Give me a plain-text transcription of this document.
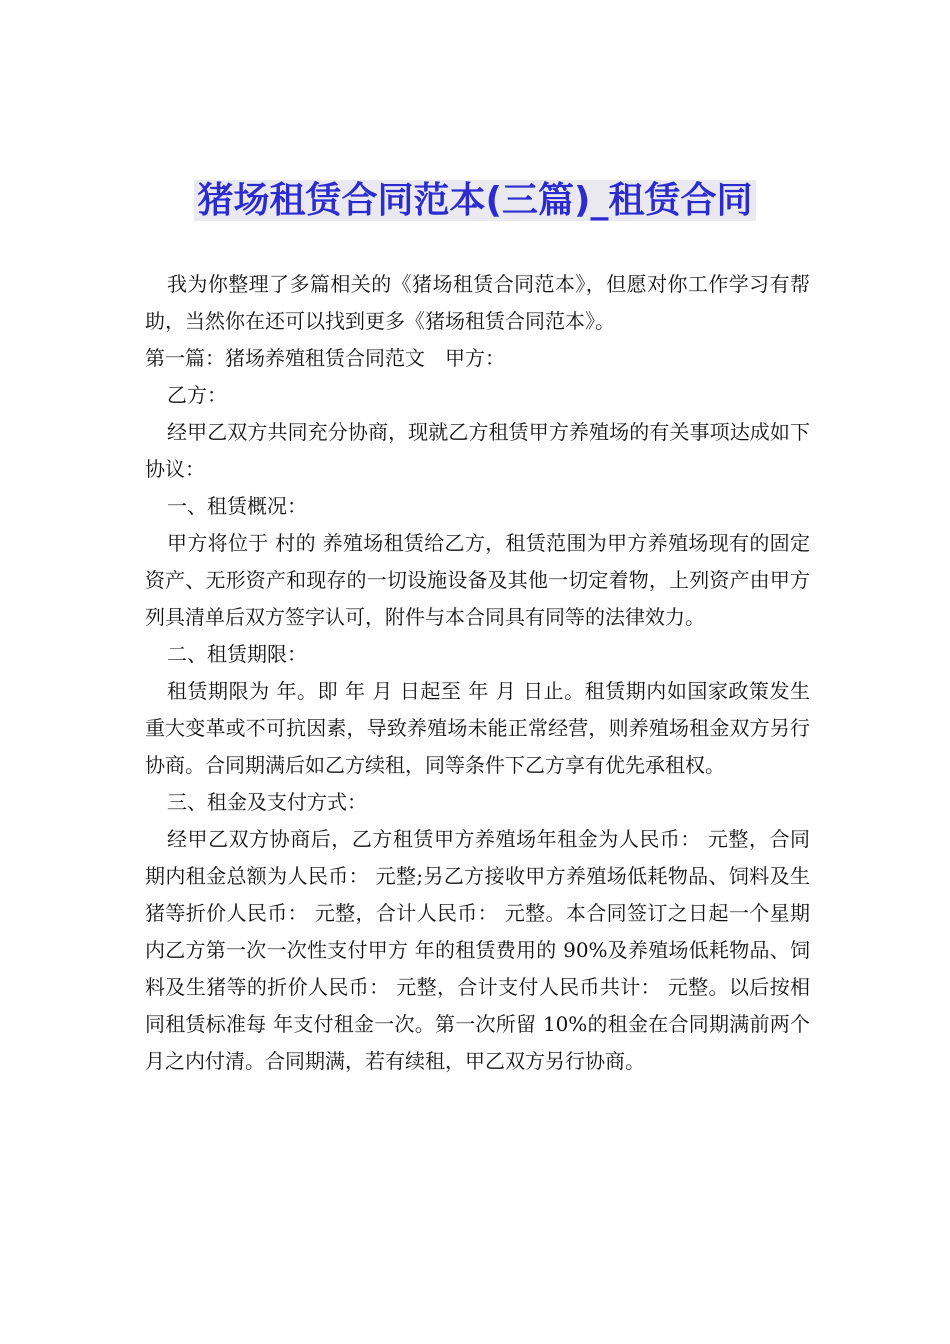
猪场租赁合同范本(三篇)_租赁合同

我为你整理了多篇相关的《猪场租赁合同范本》，但愿对你工作学习有帮助，当然你在还可以找到更多《猪场租赁合同范本》。

第一篇：猪场养殖租赁合同范文　甲方：

乙方：

经甲乙双方共同充分协商，现就乙方租赁甲方养殖场的有关事项达成如下协议：

一、租赁概况：

甲方将位于 村的 养殖场租赁给乙方，租赁范围为甲方养殖场现有的固定资产、无形资产和现存的一切设施设备及其他一切定着物，上列资产由甲方列具清单后双方签字认可，附件与本合同具有同等的法律效力。

二、租赁期限：

租赁期限为 年。即 年 月 日起至 年 月 日止。租赁期内如国家政策发生重大变革或不可抗因素，导致养殖场未能正常经营，则养殖场租金双方另行协商。合同期满后如乙方续租，同等条件下乙方享有优先承租权。

三、租金及支付方式：

经甲乙双方协商后，乙方租赁甲方养殖场年租金为人民币： 元整，合同期内租金总额为人民币： 元整;另乙方接收甲方养殖场低耗物品、饲料及生猪等折价人民币： 元整，合计人民币： 元整。本合同签订之日起一个星期内乙方第一次一次性支付甲方 年的租赁费用的 90%及养殖场低耗物品、饲料及生猪等的折价人民币： 元整，合计支付人民币共计： 元整。以后按相同租赁标准每 年支付租金一次。第一次所留 10%的租金在合同期满前两个月之内付清。合同期满，若有续租，甲乙双方另行协商。
